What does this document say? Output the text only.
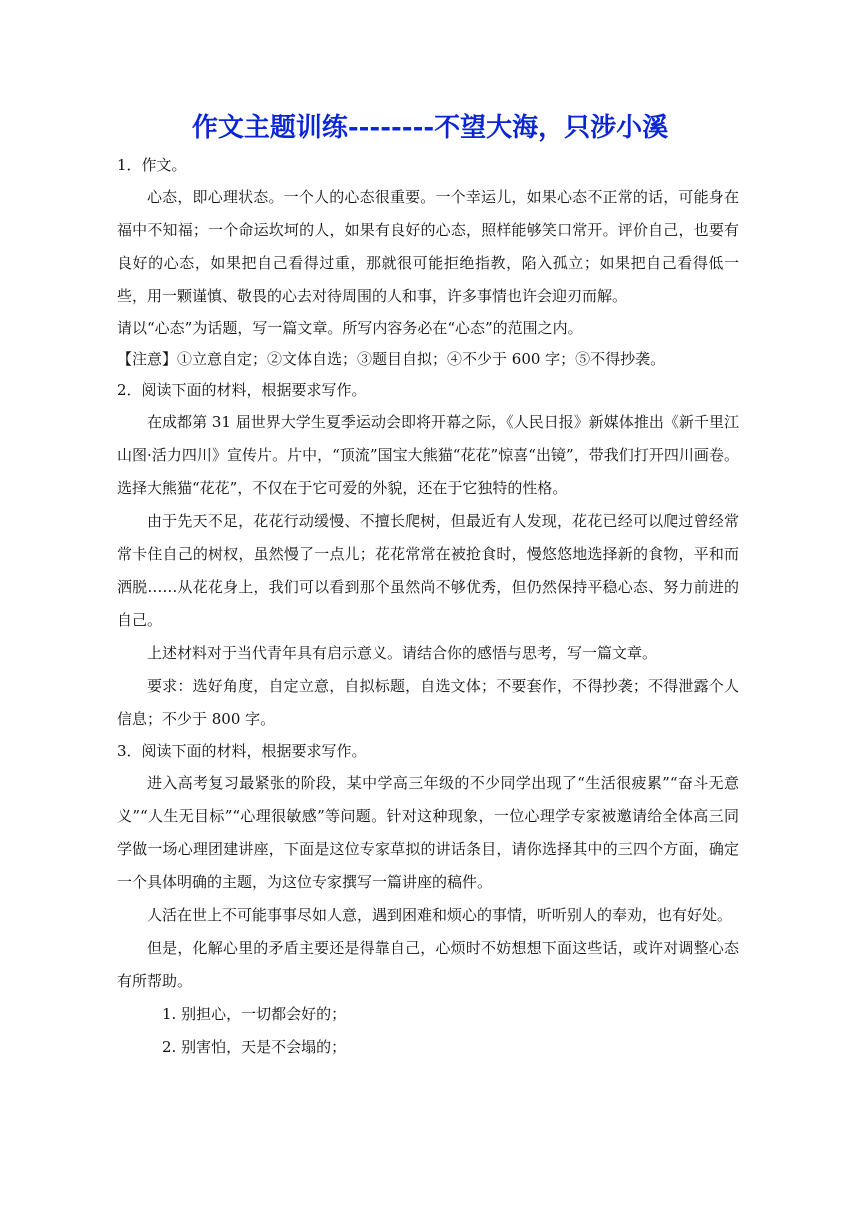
作文主题训练--------不望大海，只涉小溪

1．作文。

心态，即心理状态。一个人的心态很重要。一个幸运儿，如果心态不正常的话，可能身在福中不知福；一个命运坎坷的人，如果有良好的心态，照样能够笑口常开。评价自己，也要有良好的心态，如果把自己看得过重，那就很可能拒绝指教，陷入孤立；如果把自己看得低一些，用一颗谨慎、敬畏的心去对待周围的人和事，许多事情也许会迎刃而解。

请以“心态”为话题，写一篇文章。所写内容务必在“心态”的范围之内。

【注意】①立意自定；②文体自选；③题目自拟；④不少于 600 字；⑤不得抄袭。

2．阅读下面的材料，根据要求写作。

在成都第 31 届世界大学生夏季运动会即将开幕之际，《人民日报》新媒体推出《新千里江山图·活力四川》宣传片。片中，“顶流”国宝大熊猫“花花”惊喜“出镜”，带我们打开四川画卷。选择大熊猫“花花”，不仅在于它可爱的外貌，还在于它独特的性格。

由于先天不足，花花行动缓慢、不擅长爬树，但最近有人发现，花花已经可以爬过曾经常常卡住自己的树杈，虽然慢了一点儿；花花常常在被抢食时，慢悠悠地选择新的食物，平和而洒脱……从花花身上，我们可以看到那个虽然尚不够优秀，但仍然保持平稳心态、努力前进的自己。

上述材料对于当代青年具有启示意义。请结合你的感悟与思考，写一篇文章。

要求：选好角度，自定立意，自拟标题，自选文体；不要套作，不得抄袭；不得泄露个人信息；不少于 800 字。

3．阅读下面的材料，根据要求写作。

进入高考复习最紧张的阶段，某中学高三年级的不少同学出现了“生活很疲累”“奋斗无意义”“人生无目标”“心理很敏感”等问题。针对这种现象，一位心理学专家被邀请给全体高三同学做一场心理团建讲座，下面是这位专家草拟的讲话条目，请你选择其中的三四个方面，确定一个具体明确的主题，为这位专家撰写一篇讲座的稿件。

人活在世上不可能事事尽如人意，遇到困难和烦心的事情，听听别人的奉劝，也有好处。

但是，化解心里的矛盾主要还是得靠自己，心烦时不妨想想下面这些话，或许对调整心态有所帮助。

1. 别担心，一切都会好的；

2. 别害怕，天是不会塌的；
